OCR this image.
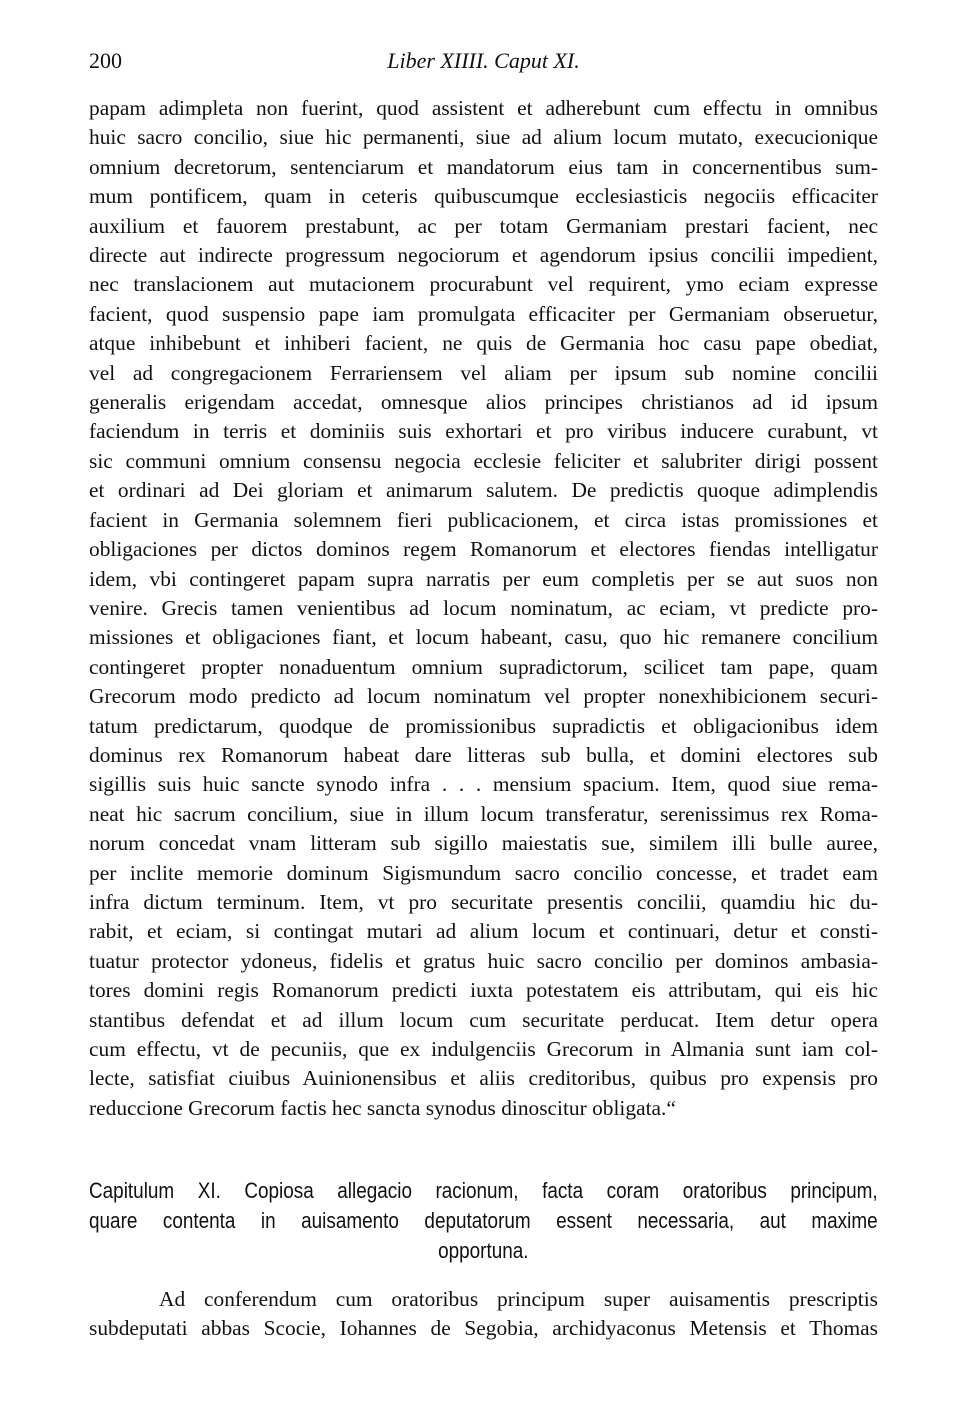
200	Liber XIIII. Caput XI.
papam adimpleta non fuerint, quod assistent et adherebunt cum effectu in omnibus
huic sacro concilio, siue hic permanenti, siue ad alium locum mutato, execucionique
omnium decretorum, sentenciarum et mandatorum eius tam in concernentibus sum-
mum pontificem, quam in ceteris quibuscumque ecclesiasticis negociis efficaciter
auxilium et fauorem prestabunt, ac per totam Germaniam prestari facient, nec
directe aut indirecte progressum negociorum et agendorum ipsius concilii impedient,
nec translacionem aut mutacionem procurabunt vel requirent, ymo eciam expresse
facient, quod suspensio pape iam promulgata efficaciter per Germaniam obseruetur,
atque inhibebunt et inhiberi facient, ne quis de Germania hoc casu pape obediat,
vel ad congregacionem Ferrariensem vel aliam per ipsum sub nomine concilii
generalis erigendam accedat, omnesque alios principes christianos ad id ipsum
faciendum in terris et dominiis suis exhortari et pro viribus inducere curabunt, vt
sic communi omnium consensu negocia ecclesie feliciter et salubriter dirigi possent
et ordinari ad Dei gloriam et animarum salutem. De predictis quoque adimplendis
facient in Germania solemnem fieri publicacionem, et circa istas promissiones et
obligaciones per dictos dominos regem Romanorum et electores fiendas intelligatur
idem, vbi contingeret papam supra narratis per eum completis per se aut suos non
venire. Grecis tamen venientibus ad locum nominatum, ac eciam, vt predicte pro-
missiones et obligaciones fiant, et locum habeant, casu, quo hic remanere concilium
contingeret propter nonaduentum omnium supradictorum, scilicet tam pape, quam
Grecorum modo predicto ad locum nominatum vel propter nonexhibicionem securi-
tatum predictarum, quodque de promissionibus supradictis et obligacionibus idem
dominus rex Romanorum habeat dare litteras sub bulla, et domini electores sub
sigillis suis huic sancte synodo infra . . . mensium spacium. Item, quod siue rema-
neat hic sacrum concilium, siue in illum locum transferatur, serenissimus rex Roma-
norum concedat vnam litteram sub sigillo maiestatis sue, similem illi bulle auree,
per inclite memorie dominum Sigismundum sacro concilio concesse, et tradet eam
infra dictum terminum. Item, vt pro securitate presentis concilii, quamdiu hic du-
rabit, et eciam, si contingat mutari ad alium locum et continuari, detur et consti-
tuatur protector ydoneus, fidelis et gratus huic sacro concilio per dominos ambasia-
tores domini regis Romanorum predicti iuxta potestatem eis attributam, qui eis hic
stantibus defendat et ad illum locum cum securitate perducat. Item detur opera
cum effectu, vt de pecuniis, que ex indulgenciis Grecorum in Almania sunt iam col-
lecte, satisfiat ciuibus Auinionensibus et aliis creditoribus, quibus pro expensis pro
reduccione Grecorum factis hec sancta synodus dinoscitur obligata.“
Capitulum XI. Copiosa allegacio racionum, facta coram oratoribus principum,
quare contenta in auisamento deputatorum essent necessaria, aut maxime
opportuna.
Ad conferendum cum oratoribus principum super auisamentis prescriptis
subdeputati abbas Scocie, Iohannes de Segobia, archidyaconus Metensis et Thomas
